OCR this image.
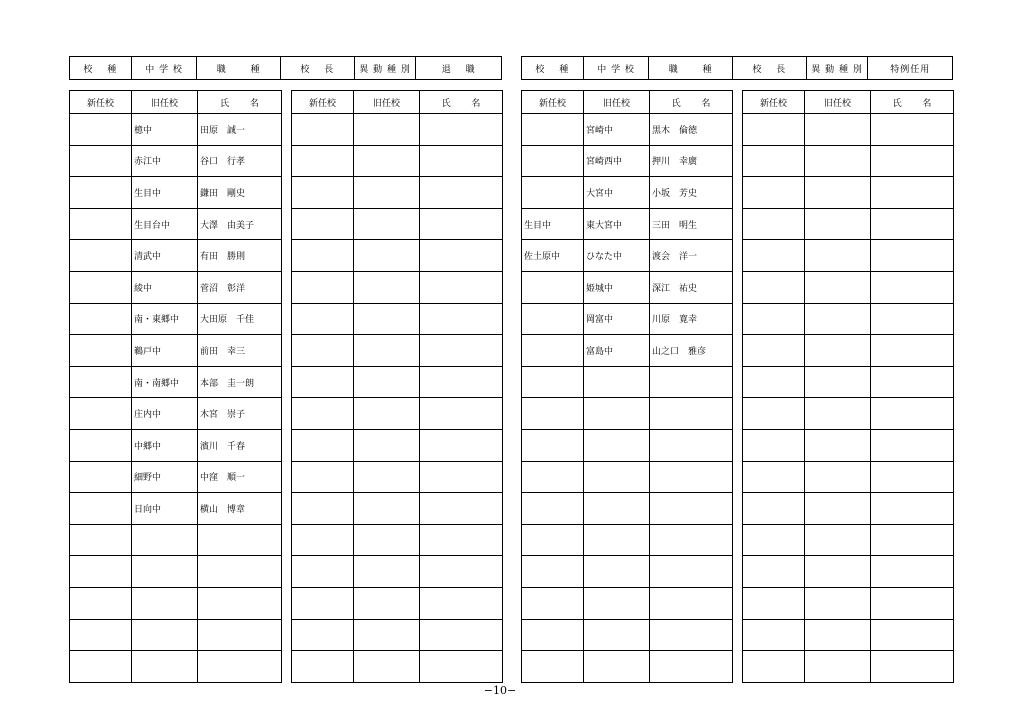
校　 種	中 学 校	職　　 種	校　 長	異 動 種 別	退　 職	校　 種	中 学 校	職　　 種	校　 長	異 動 種 別	特例任用
新任校	旧任校	氏　　 名
	檍中	田原　誠一
	赤江中	谷口　行孝
	生目中	鎌田　剛史
	生目台中	大澤　由美子
	清武中	有田　勝則
	綾中	菅沼　彰洋
	南・東郷中	大田原　千佳
	鵜戸中	前田　幸三
	南・南郷中	本部　圭一朗
	庄内中	木宮　崇子
	中郷中	濱川　千春
	細野中	中窪　順一
	日向中	横山　博章

新任校	旧任校	氏　　 名

			新任校	旧任校	氏　　 名
	宮崎中	黒木　倫徳
	宮崎西中	押川　幸廣
	大宮中	小坂　芳史
生目中	東大宮中	三田　明生
佐土原中	ひなた中	渡会　洋一
	姫城中	深江　祐史
	岡富中	川原　寛幸
	富島中	山之口　雅彦

新任校	旧任校	氏　　 名

−10−
